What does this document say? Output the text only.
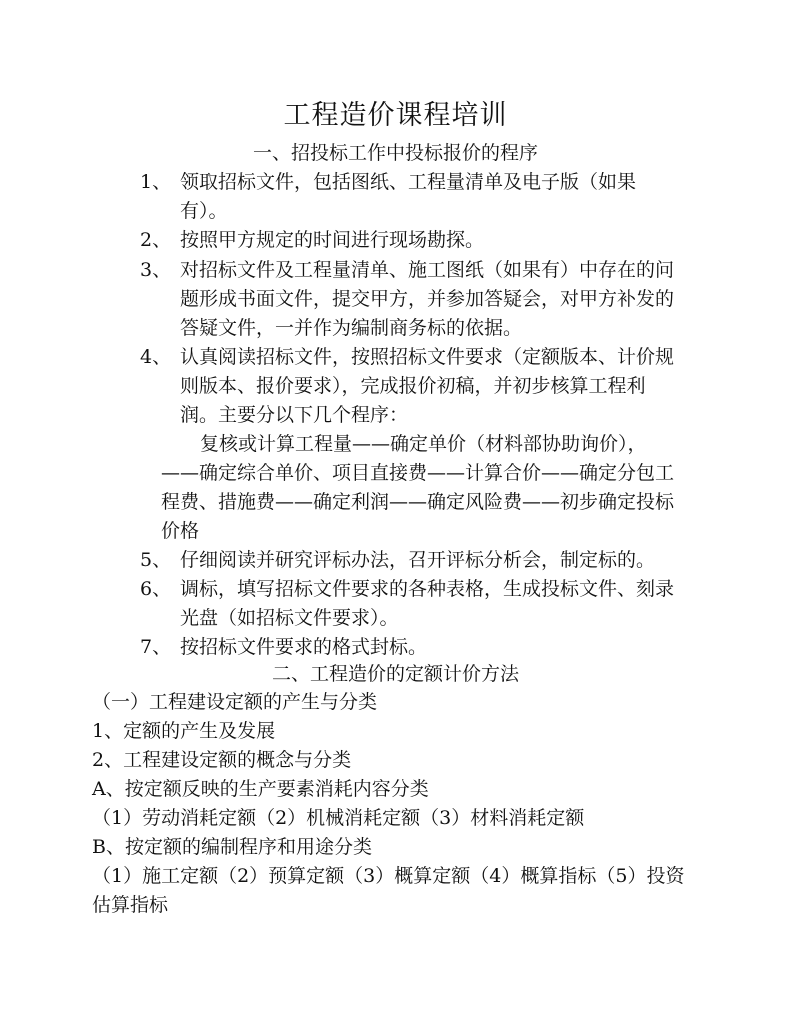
工程造价课程培训
一、招投标工作中投标报价的程序
1、 领取招标文件，包括图纸、工程量清单及电子版（如果
有）。
2、 按照甲方规定的时间进行现场勘探。
3、 对招标文件及工程量清单、施工图纸（如果有）中存在的问
题形成书面文件，提交甲方，并参加答疑会，对甲方补发的
答疑文件，一并作为编制商务标的依据。
4、 认真阅读招标文件，按照招标文件要求（定额版本、计价规
则版本、报价要求），完成报价初稿，并初步核算工程利
润。主要分以下几个程序：
复核或计算工程量——确定单价（材料部协助询价），
——确定综合单价、项目直接费——计算合价——确定分包工
程费、措施费——确定利润——确定风险费——初步确定投标
价格
5、 仔细阅读并研究评标办法，召开评标分析会，制定标的。
6、 调标，填写招标文件要求的各种表格，生成投标文件、刻录
光盘（如招标文件要求）。
7、 按招标文件要求的格式封标。
二、工程造价的定额计价方法
（一）工程建设定额的产生与分类
1、定额的产生及发展
2、工程建设定额的概念与分类
A、按定额反映的生产要素消耗内容分类
（1）劳动消耗定额（2）机械消耗定额（3）材料消耗定额
B、按定额的编制程序和用途分类
（1）施工定额（2）预算定额（3）概算定额（4）概算指标（5）投资
估算指标
